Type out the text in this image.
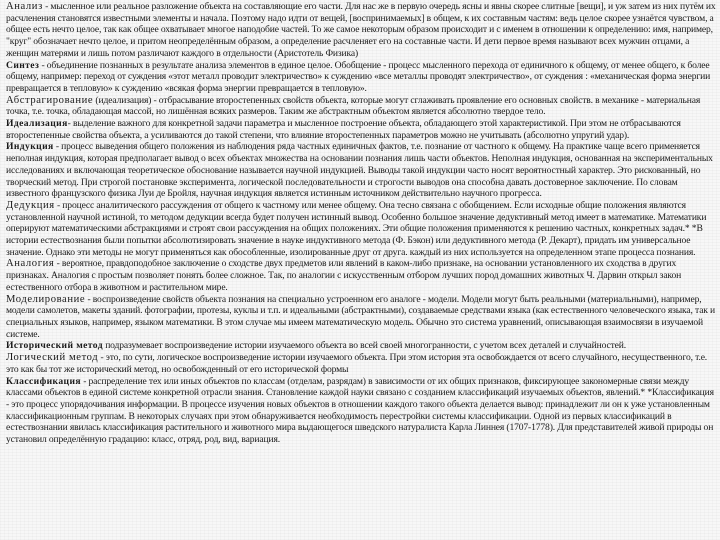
Анализ - мысленное или реальное разложение объекта на составляющие его части. Для нас же в первую очередь ясны и явны скорее слитные [вещи], и уж затем из них путём их расчленения становятся известными элементы и начала. Поэтому надо идти от вещей, [воспринимаемых] в общем, к их составным частям: ведь целое скорее узнаётся чувством, а общее есть нечто целое, так как общее охватывает многое наподобие частей. То же самое некоторым образом происходит и с именем в отношении к определению: имя, например, "круг" обозначает нечто целое, и притом неопределённым образом, а определение расчленяет его на составные части. И дети первое время называют всех мужчин отцами, а женщин матерями и лишь потом различают каждого в отдельности (Аристотель Физика)

Синтез - объединение познанных в результате анализа элементов в единое целое. Обобщение - процесс мысленного перехода от единичного к общему, от менее общего, к более общему, например: переход от суждения «этот металл проводит электричество» к суждению «все металлы проводят электричество», от суждения : «механическая форма энергии превращается в тепловую» к суждению «всякая форма энергии превращается в тепловую».

Абстрагирование (идеализация) - отбрасывание второстепенных свойств объекта, которые могут сглаживать проявление его основных свойств. в механике - материальная точка, т.е. точка, обладающая массой, но лишённая всяких размеров. Таким же абстрактным объектом является абсолютно твердое тело.

Идеализация- выделение важного для конкретной задачи параметра и мысленное построение объекта, обладающего этой характеристикой. При этом не отбрасываются второстепенные свойства объекта, а усиливаются до такой степени, что влияние второстепенных параметров можно не учитывать (абсолютно упругий удар).

Индукция - процесс выведения общего положения из наблюдения ряда частных единичных фактов, т.е. познание от частного к общему. На практике чаще всего применяется неполная индукция, которая предполагает вывод о всех объектах множества на основании познания лишь части объектов. Неполная индукция, основанная на экспериментальных исследованиях и включающая теоретическое обоснование называется научной индукцией. Выводы такой индукции часто носят вероятностный характер. Это рискованный, но творческий метод. При строгой постановке эксперимента, логической последовательности и строгости выводов она способна давать достоверное заключение. По словам известного французского физика Луи де Бройля, научная индукция является истинным источником действительно научного прогресса.

Дедукция - процесс аналитического рассуждения от общего к частному или менее общему. Она тесно связана с обобщением. Если исходные общие положения являются установленной научной истиной, то методом дедукции всегда будет получен истинный вывод. Особенно большое значение дедуктивный метод имеет в математике. Математики оперируют математическими абстракциями и строят свои рассуждения на общих положениях. Эти общие положения применяются к решению частных, конкретных задач.* *В истории естествознания были попытки абсолютизировать значение в науке индуктивного метода (Ф. Бэкон) или дедуктивного метода (Р. Декарт), придать им универсальное значение. Однако эти методы не могут применяться как обособленные, изолированные друг от друга. каждый из них используется на определенном этапе процесса познания.

Аналогия - вероятное, правдоподобное заключение о сходстве двух предметов или явлений в каком-либо признаке, на основании установленного их сходства в других признаках. Аналогия с простым позволяет понять более сложное. Так, по аналогии с искусственным отбором лучших пород домашних животных Ч. Дарвин открыл закон естественного отбора в животном и растительном мире.

Моделирование - воспроизведение свойств объекта познания на специально устроенном его аналоге - модели. Модели могут быть реальными (материальными), например, модели самолетов, макеты зданий. фотографии, протезы, куклы и т.п. и идеальными (абстрактными), создаваемые средствами языка (как естественного человеческого языка, так и специальных языков, например, языком математики. В этом случае мы имеем математическую модель. Обычно это система уравнений, описывающая взаимосвязи в изучаемой системе.

Исторический метод подразумевает воспроизведение истории изучаемого объекта во всей своей многогранности, с учетом всех деталей и случайностей.

Логический метод - это, по сути, логическое воспроизведение истории изучаемого объекта. При этом история эта освобождается от всего случайного, несущественного, т.е. это как бы тот же исторический метод, но освобожденный от его исторической формы

Классификация - распределение тех или иных объектов по классам (отделам, разрядам) в зависимости от их общих признаков, фиксирующее закономерные связи между классами объектов в единой системе конкретной отрасли знания. Становление каждой науки связано с созданием классификаций изучаемых объектов, явлений.* *Классификация - это процесс упорядочивания информации. В процессе изучения новых объектов в отношении каждого такого объекта делается вывод: принадлежит ли он к уже установленным классификационным группам. В некоторых случаях при этом обнаруживается необходимость перестройки системы классификации. Одной из первых классификаций в естествознании явилась классификация растительного и животного мира выдающегося шведского натуралиста Карла Линнея (1707-1778). Для представителей живой природы он установил определённую градацию: класс, отряд, род, вид, вариация.
